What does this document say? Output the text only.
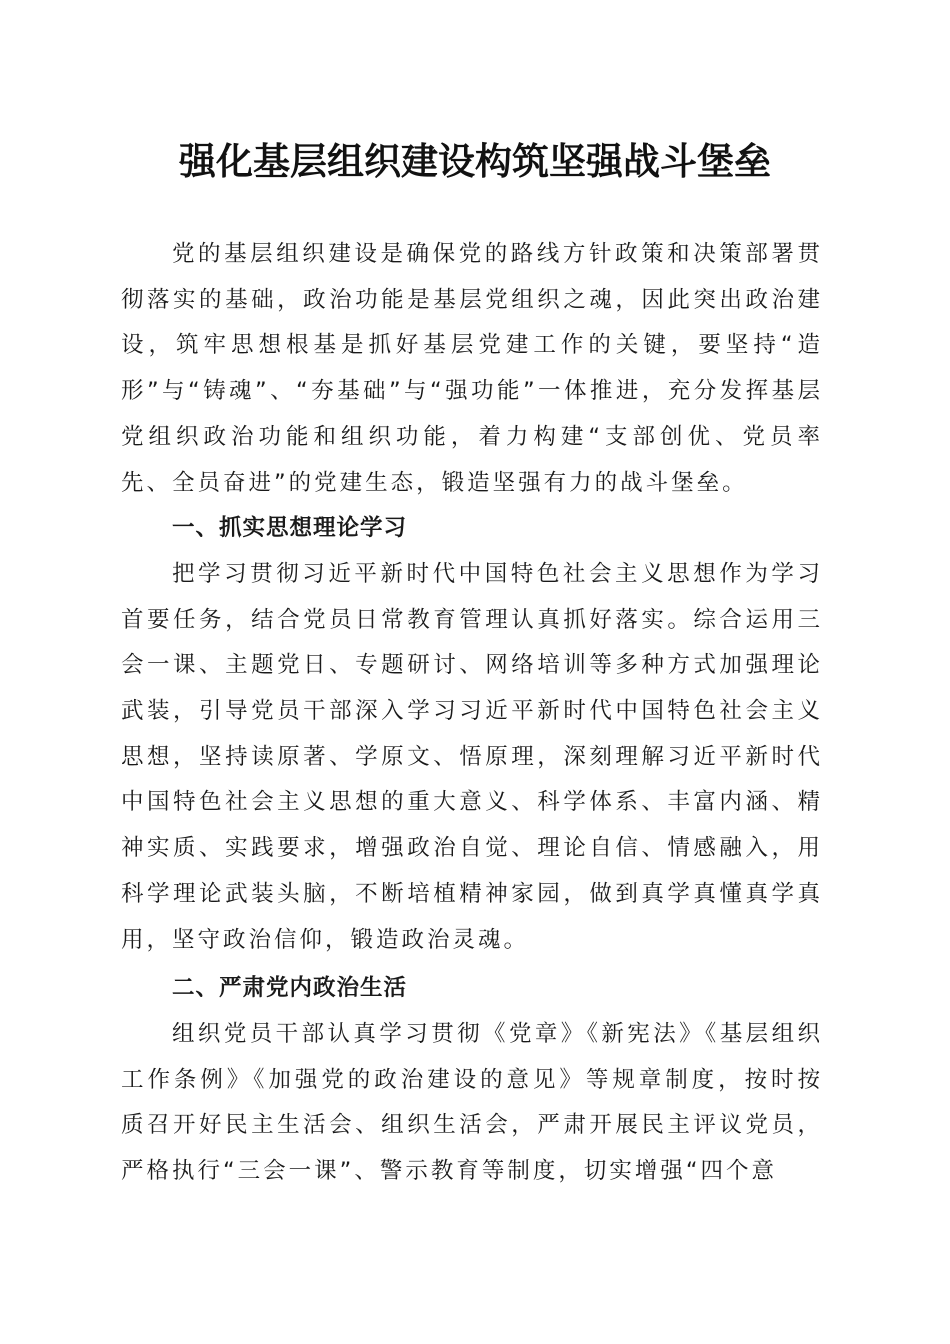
强化基层组织建设构筑坚强战斗堡垒

党的基层组织建设是确保党的路线方针政策和决策部署贯彻落实的基础，政治功能是基层党组织之魂，因此突出政治建设，筑牢思想根基是抓好基层党建工作的关键，要坚持“造形”与“铸魂”、“夯基础”与“强功能”一体推进，充分发挥基层党组织政治功能和组织功能，着力构建“支部创优、党员率先、全员奋进”的党建生态，锻造坚强有力的战斗堡垒。

一、抓实思想理论学习

把学习贯彻习近平新时代中国特色社会主义思想作为学习首要任务，结合党员日常教育管理认真抓好落实。综合运用三会一课、主题党日、专题研讨、网络培训等多种方式加强理论武装，引导党员干部深入学习习近平新时代中国特色社会主义思想，坚持读原著、学原文、悟原理，深刻理解习近平新时代中国特色社会主义思想的重大意义、科学体系、丰富内涵、精神实质、实践要求，增强政治自觉、理论自信、情感融入，用科学理论武装头脑，不断培植精神家园，做到真学真懂真学真用，坚守政治信仰，锻造政治灵魂。

二、严肃党内政治生活

组织党员干部认真学习贯彻《党章》《新宪法》《基层组织工作条例》《加强党的政治建设的意见》等规章制度，按时按质召开好民主生活会、组织生活会，严肃开展民主评议党员，严格执行“三会一课”、警示教育等制度，切实增强“四个意
